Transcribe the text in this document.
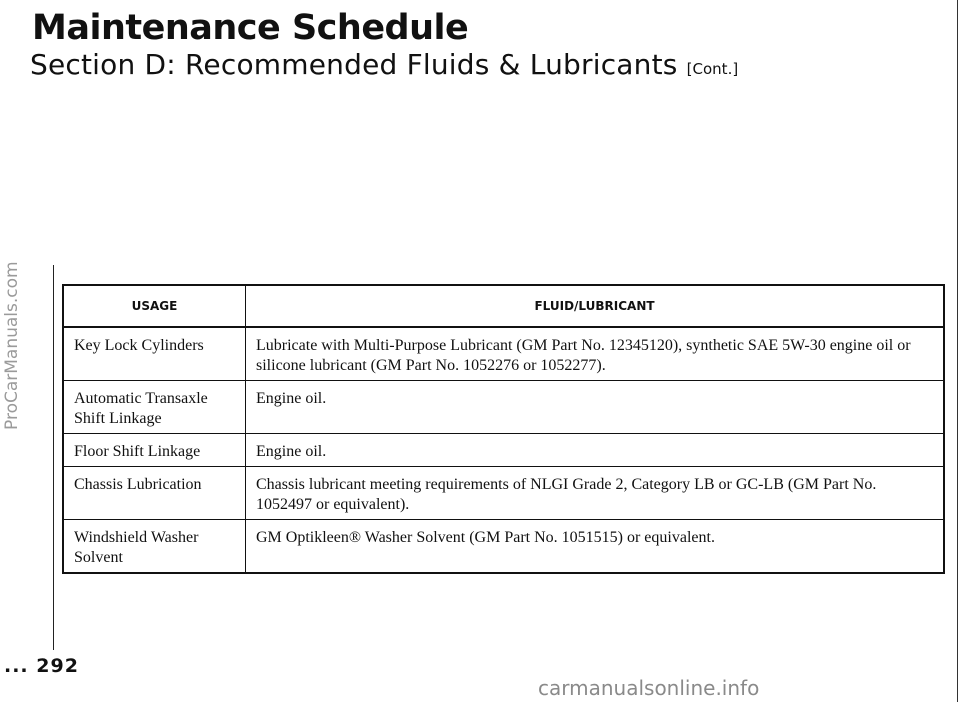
Maintenance Schedule
Section D: Recommended Fluids & Lubricants [Cont.]
USAGE	FLUID/LUBRICANT
Key Lock Cylinders	Lubricate with Multi-Purpose Lubricant (GM Part No. 12345120), synthetic SAE 5W-30 engine oil or silicone lubricant (GM Part No. 1052276 or 1052277).
Automatic Transaxle Shift Linkage	Engine oil.
Floor Shift Linkage	Engine oil.
Chassis Lubrication	Chassis lubricant meeting requirements of NLGI Grade 2, Category LB or GC-LB (GM Part No. 1052497 or equivalent).
Windshield Washer Solvent	GM Optikleen® Washer Solvent (GM Part No. 1051515) or equivalent.
... 292
ProCarManuals.com
carmanualsonline.info
